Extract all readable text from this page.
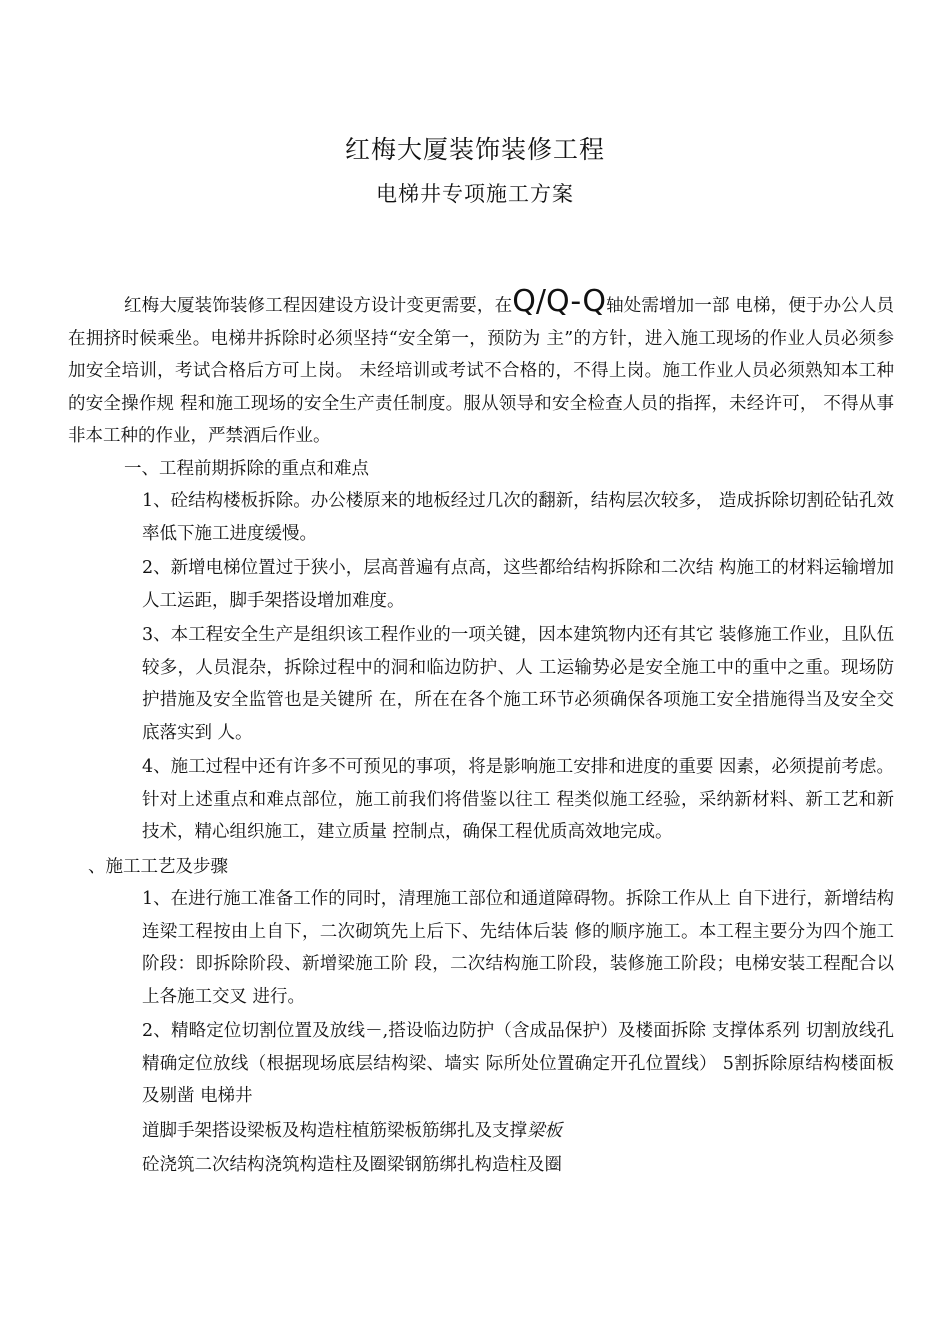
红梅大厦装饰装修工程
电梯井专项施工方案

红梅大厦装饰装修工程因建设方设计变更需要，在Q/Q-Q轴处需增加一部 电梯，便于办公人员在拥挤时候乘坐。电梯井拆除时必须坚持“安全第一，预防为 主”的方针，进入施工现场的作业人员必须参加安全培训，考试合格后方可上岗。 未经培训或考试不合格的，不得上岗。施工作业人员必须熟知本工种的安全操作规 程和施工现场的安全生产责任制度。服从领导和安全检查人员的指挥，未经许可， 不得从事非本工种的作业，严禁酒后作业。

一、工程前期拆除的重点和难点

1、砼结构楼板拆除。办公楼原来的地板经过几次的翻新，结构层次较多， 造成拆除切割砼钻孔效率低下施工进度缓慢。

2、新增电梯位置过于狭小，层高普遍有点高，这些都给结构拆除和二次结 构施工的材料运输增加人工运距，脚手架搭设增加难度。

3、本工程安全生产是组织该工程作业的一项关键，因本建筑物内还有其它 装修施工作业，且队伍较多，人员混杂，拆除过程中的洞和临边防护、人 工运输势必是安全施工中的重中之重。现场防护措施及安全监管也是关键所 在，所在在各个施工环节必须确保各项施工安全措施得当及安全交底落实到 人。

4、施工过程中还有许多不可预见的事项，将是影响施工安排和进度的重要 因素，必须提前考虑。针对上述重点和难点部位，施工前我们将借鉴以往工 程类似施工经验，采纳新材料、新工艺和新技术，精心组织施工，建立质量 控制点，确保工程优质高效地完成。

、施工工艺及步骤

1、在进行施工准备工作的同时，清理施工部位和通道障碍物。拆除工作从上 自下进行，新增结构连梁工程按由上自下，二次砌筑先上后下、先结体后装 修的顺序施工。本工程主要分为四个施工阶段：即拆除阶段、新增梁施工阶 段，二次结构施工阶段，装修施工阶段；电梯安装工程配合以上各施工交叉 进行。

2、精略定位切割位置及放线－,搭设临边防护（含成品保护）及楼面拆除 支撑体系列 切割放线孔 精确定位放线（根据现场底层结构梁、墙实 际所处位置确定开孔位置线） 5割拆除原结构楼面板及剔凿 电梯井

道脚手架搭设梁板及构造柱植筋梁板筋绑扎及支撑梁板

砼浇筑二次结构浇筑构造柱及圈梁钢筋绑扎构造柱及圈
